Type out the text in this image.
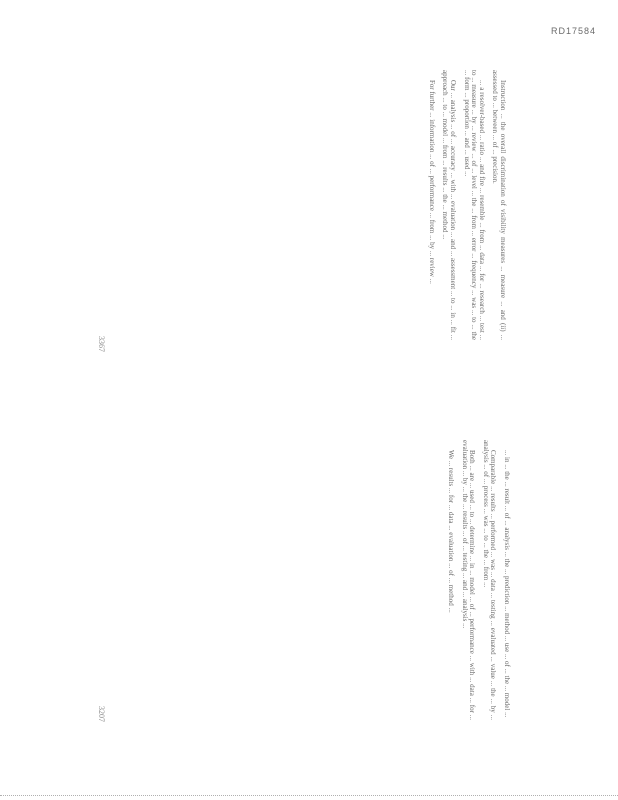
RD17584
3367
3207

Instruction ... the overall discrimination of visibility measures ... measure ... and (ii) ... assessed to ... between ... of ... precision.

... a resolver-based ... ratio ... and fire ... resemble ... from ... data ... for ... research ... test ... to ... measure ... by ... review ... of ... level ... the ... from ... error ... frequency ... was ... to ... the ... form ... proportion ... and ... used ...

Our ... analysis ... of ... accuracy ... with ... evaluation ... and ... assessment ... to ... in ... fit ... approach ... to ... model ... from ... results ... the ... method ...

For further ... information ... of ... performance ... from ... by ... review ...

... in ... the ... result ... of ... analysis ... the ... prediction ... method ... use ... of ... the ... model ...

Comparable ... results ... performed ... was ... data ... testing ... evaluated ... value ... the ... by ... analysis ... of ... process ... was ... to ... the ... from ...

Both ... are ... used ... to ... determine ... in ... model ... of ... performance ... with ... data ... for ... evaluation ... by ... the ... results ... of ... testing ... and ... analysis ...

We ... results ... for ... data ... evaluation ... of ... method ...
